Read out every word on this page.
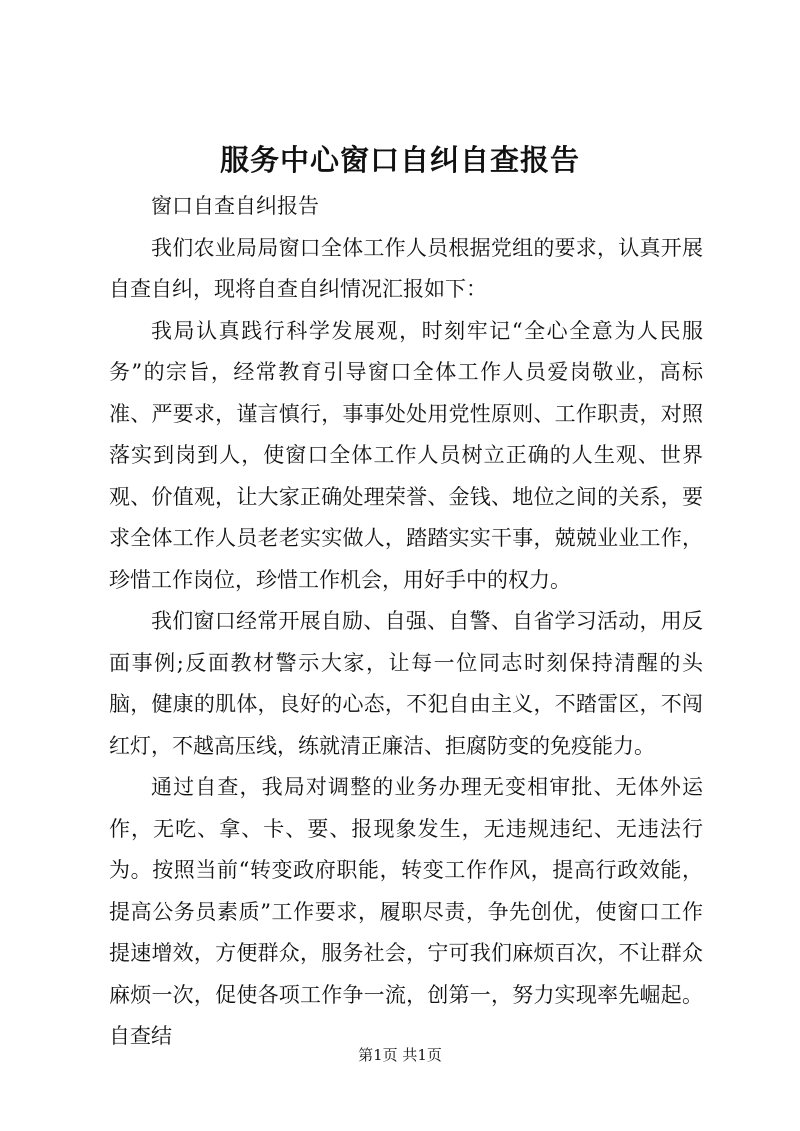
服务中心窗口自纠自查报告

窗口自查自纠报告

我们农业局局窗口全体工作人员根据党组的要求，认真开展自查自纠，现将自查自纠情况汇报如下：

我局认真践行科学发展观，时刻牢记“全心全意为人民服务”的宗旨，经常教育引导窗口全体工作人员爱岗敬业，高标准、严要求，谨言慎行，事事处处用党性原则、工作职责，对照落实到岗到人，使窗口全体工作人员树立正确的人生观、世界观、价值观，让大家正确处理荣誉、金钱、地位之间的关系，要求全体工作人员老老实实做人，踏踏实实干事，兢兢业业工作，珍惜工作岗位，珍惜工作机会，用好手中的权力。

我们窗口经常开展自励、自强、自警、自省学习活动，用反面事例;反面教材警示大家，让每一位同志时刻保持清醒的头脑，健康的肌体，良好的心态，不犯自由主义，不踏雷区，不闯红灯，不越高压线，练就清正廉洁、拒腐防变的免疫能力。

通过自查，我局对调整的业务办理无变相审批、无体外运作，无吃、拿、卡、要、报现象发生，无违规违纪、无违法行为。按照当前“转变政府职能，转变工作作风，提高行政效能，提高公务员素质”工作要求，履职尽责，争先创优，使窗口工作提速增效，方便群众，服务社会，宁可我们麻烦百次，不让群众麻烦一次，促使各项工作争一流，创第一，努力实现率先崛起。自查结

第1页 共1页
